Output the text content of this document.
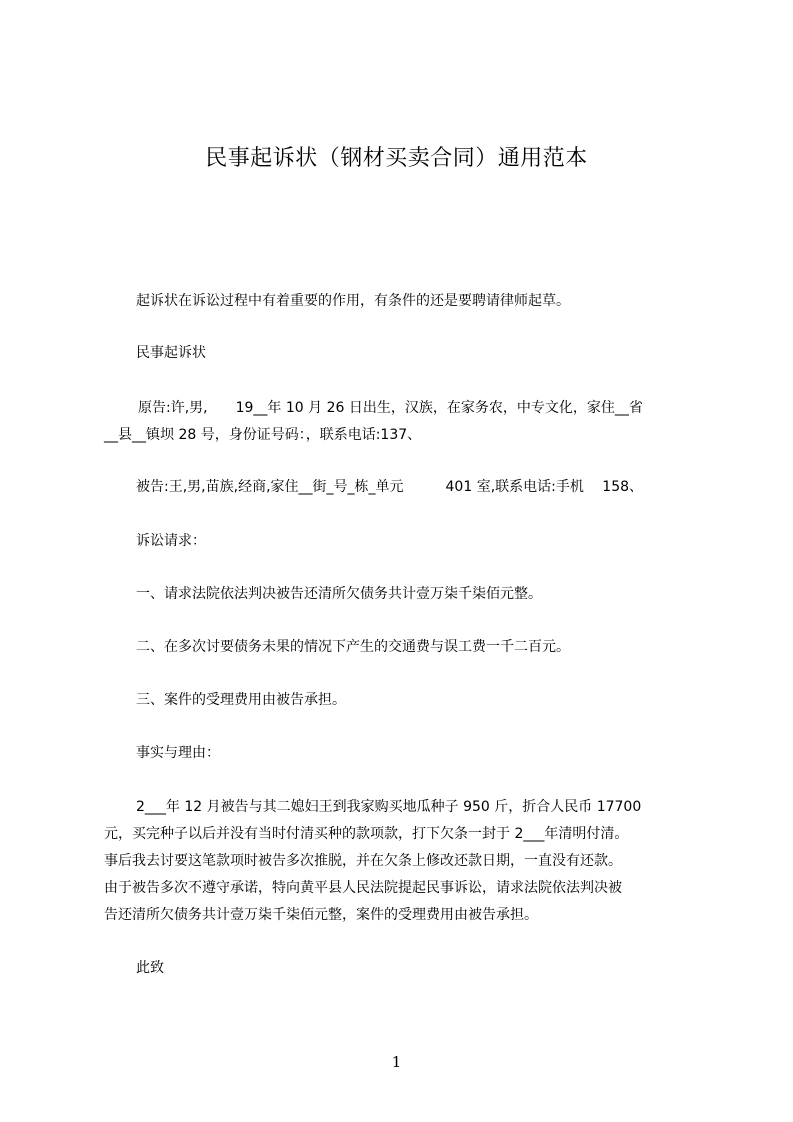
民事起诉状（钢材买卖合同）通用范本

起诉状在诉讼过程中有着重要的作用，有条件的还是要聘请律师起草。

民事起诉状

原告:许,男,　　19__年 10 月 26 日出生，汉族，在家务农，中专文化，家住__省
__县__镇坝 28 号，身份证号码：，联系电话:137、

被告:王,男,苗族,经商,家住__街_号_栋_单元　　　401 室,联系电话:手机　 158、

诉讼请求：

一、请求法院依法判决被告还清所欠债务共计壹万柒千柒佰元整。

二、在多次讨要债务未果的情况下产生的交通费与误工费一千二百元。

三、案件的受理费用由被告承担。

事实与理由：

　2___年 12 月被告与其二媳妇王到我家购买地瓜种子 950 斤，折合人民币 17700
元，买完种子以后并没有当时付清买种的款项款，打下欠条一封于 2___年清明付清。
事后我去讨要这笔款项时被告多次推脱，并在欠条上修改还款日期，一直没有还款。
由于被告多次不遵守承诺，特向黄平县人民法院提起民事诉讼，请求法院依法判决被
告还清所欠债务共计壹万柒千柒佰元整，案件的受理费用由被告承担。

此致

1
